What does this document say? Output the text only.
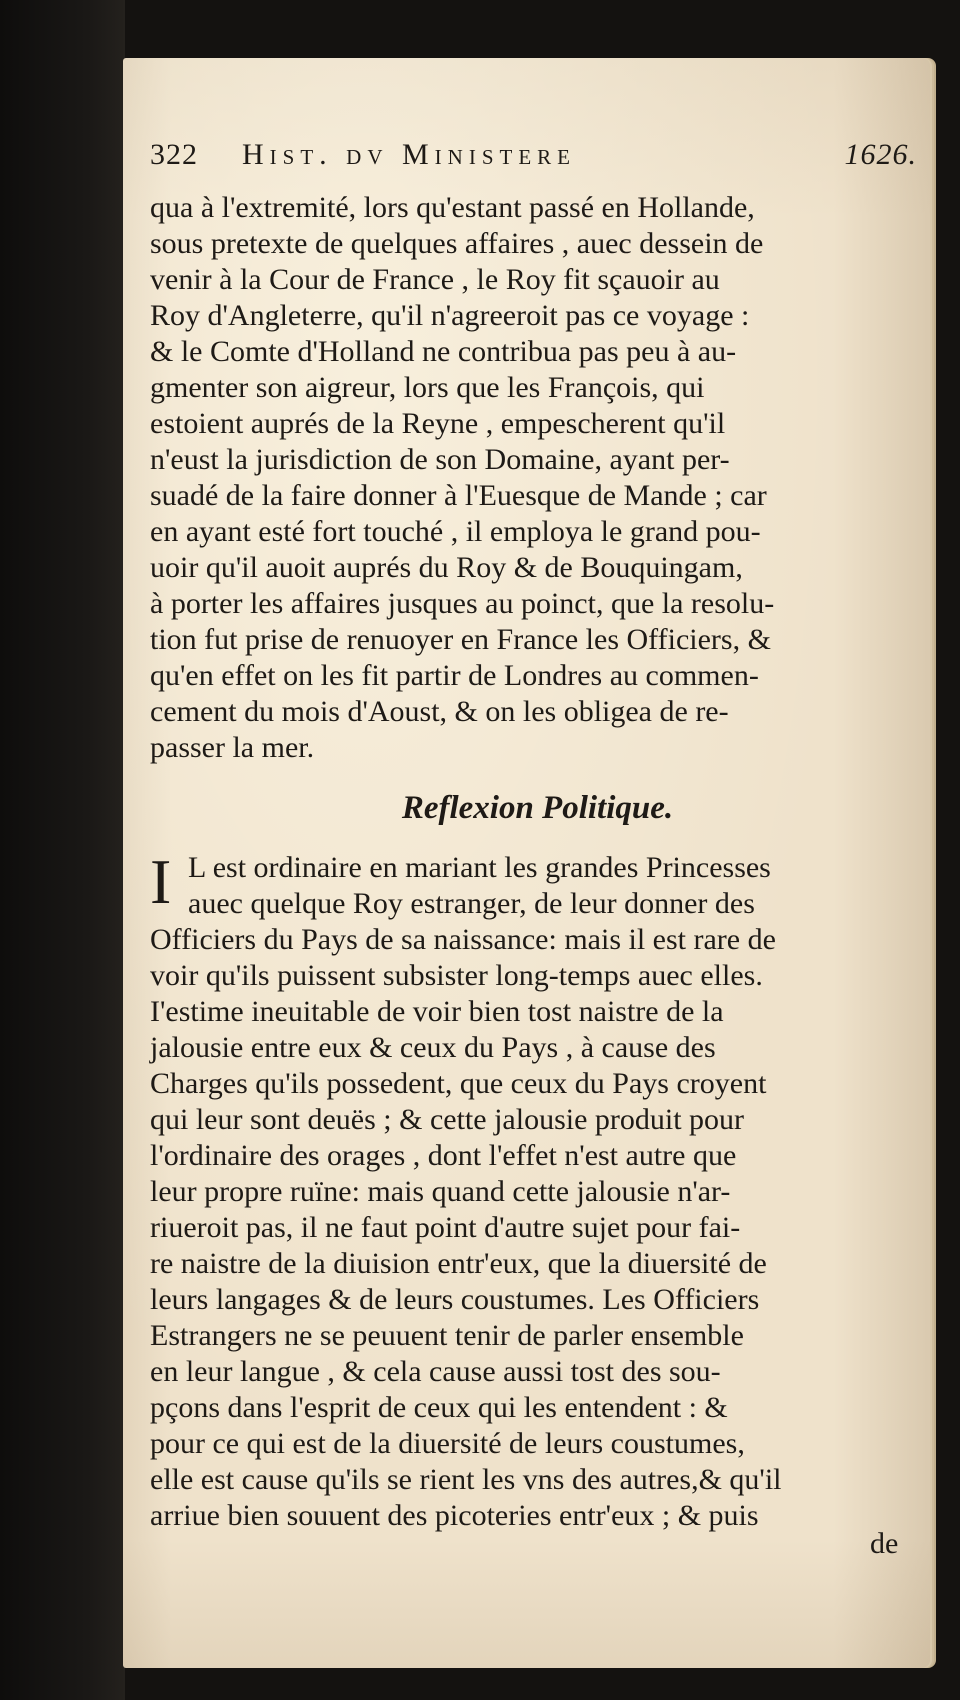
322 Hist. dv Ministere	1626.
qua à l'extremité, lors qu'estant passé en Hollande,
sous pretexte de quelques affaires , auec dessein de
venir à la Cour de France , le Roy fit sçauoir au
Roy d'Angleterre, qu'il n'agreeroit pas ce voyage :
& le Comte d'Holland ne contribua pas peu à au-
gmenter son aigreur, lors que les François, qui
estoient auprés de la Reyne , empescherent qu'il
n'eust la jurisdiction de son Domaine, ayant per-
suadé de la faire donner à l'Euesque de Mande ; car
en ayant esté fort touché , il employa le grand pou-
uoir qu'il auoit auprés du Roy & de Bouquingam,
à porter les affaires jusques au poinct, que la resolu-
tion fut prise de renuoyer en France les Officiers, &
qu'en effet on les fit partir de Londres au commen-
cement du mois d'Aoust, & on les obligea de re-
passer la mer.
Reflexion Politique.
I L est ordinaire en mariant les grandes Princesses
auec quelque Roy estranger, de leur donner des
Officiers du Pays de sa naissance: mais il est rare de
voir qu'ils puissent subsister long-temps auec elles.
I'estime ineuitable de voir bien tost naistre de la
jalousie entre eux & ceux du Pays , à cause des
Charges qu'ils possedent, que ceux du Pays croyent
qui leur sont deuës ; & cette jalousie produit pour
l'ordinaire des orages , dont l'effet n'est autre que
leur propre ruïne: mais quand cette jalousie n'ar-
riueroit pas, il ne faut point d'autre sujet pour fai-
re naistre de la diuision entr'eux, que la diuersité de
leurs langages & de leurs coustumes. Les Officiers
Estrangers ne se peuuent tenir de parler ensemble
en leur langue , & cela cause aussi tost des sou-
pçons dans l'esprit de ceux qui les entendent : &
pour ce qui est de la diuersité de leurs coustumes,
elle est cause qu'ils se rient les vns des autres,& qu'il
arriue bien souuent des picoteries entr'eux ; & puis
de
